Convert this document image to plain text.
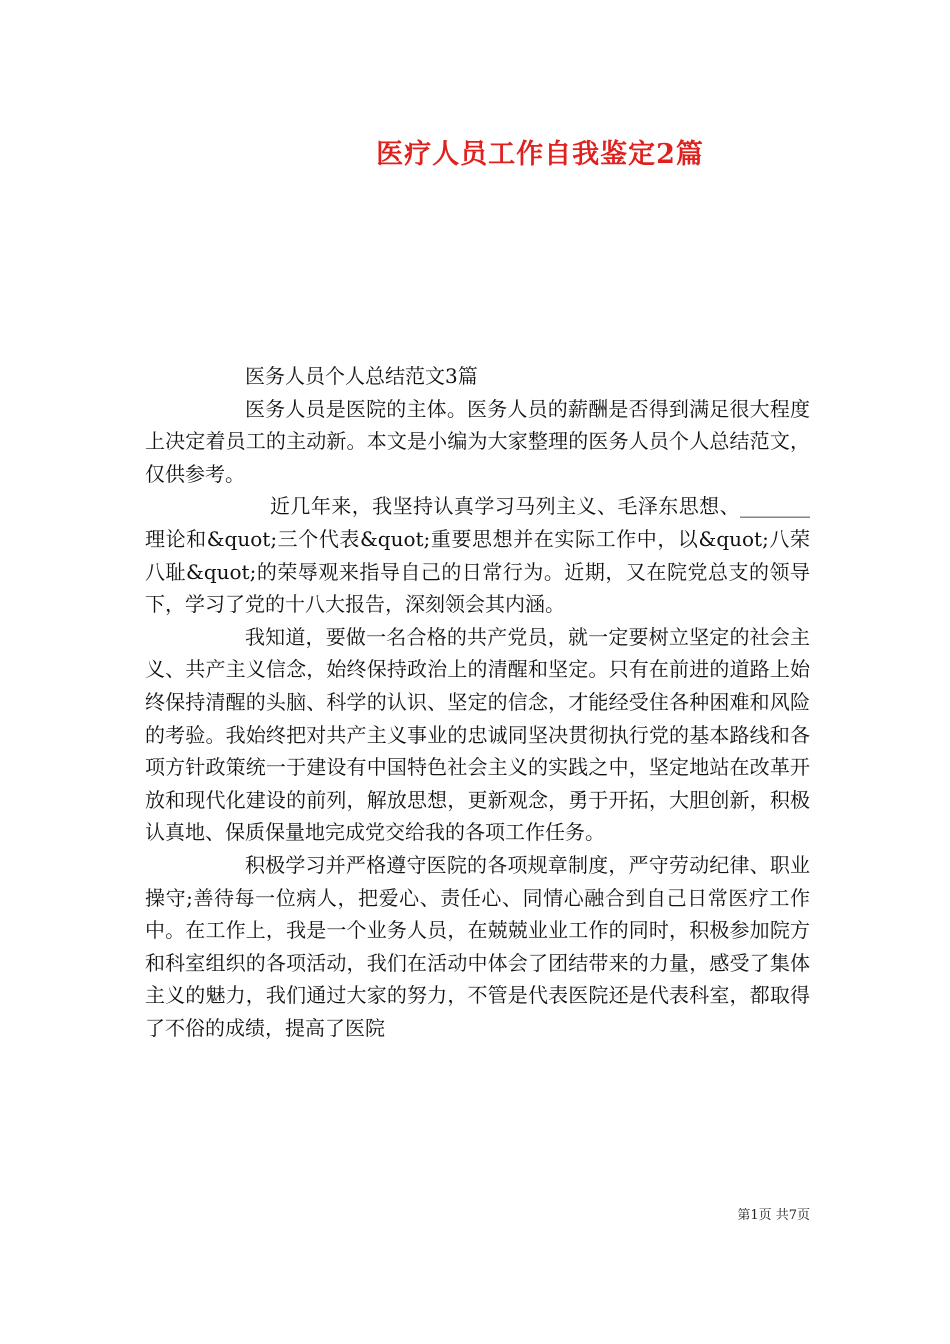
医疗人员工作自我鉴定2篇

医务人员个人总结范文3篇

医务人员是医院的主体。医务人员的薪酬是否得到满足很大程度上决定着员工的主动新。本文是小编为大家整理的医务人员个人总结范文，仅供参考。

近几年来，我坚持认真学习马列主义、毛泽东思想、_______理论和&quot;三个代表&quot;重要思想并在实际工作中，以&quot;八荣八耻&quot;的荣辱观来指导自己的日常行为。近期，又在院党总支的领导下，学习了党的十八大报告，深刻领会其内涵。

我知道，要做一名合格的共产党员，就一定要树立坚定的社会主义、共产主义信念，始终保持政治上的清醒和坚定。只有在前进的道路上始终保持清醒的头脑、科学的认识、坚定的信念，才能经受住各种困难和风险的考验。我始终把对共产主义事业的忠诚同坚决贯彻执行党的基本路线和各项方针政策统一于建设有中国特色社会主义的实践之中，坚定地站在改革开放和现代化建设的前列，解放思想，更新观念，勇于开拓，大胆创新，积极认真地、保质保量地完成党交给我的各项工作任务。

积极学习并严格遵守医院的各项规章制度，严守劳动纪律、职业操守;善待每一位病人，把爱心、责任心、同情心融合到自己日常医疗工作中。在工作上，我是一个业务人员，在兢兢业业工作的同时，积极参加院方和科室组织的各项活动，我们在活动中体会了团结带来的力量，感受了集体主义的魅力，我们通过大家的努力，不管是代表医院还是代表科室，都取得了不俗的成绩，提高了医院

第1页 共7页
